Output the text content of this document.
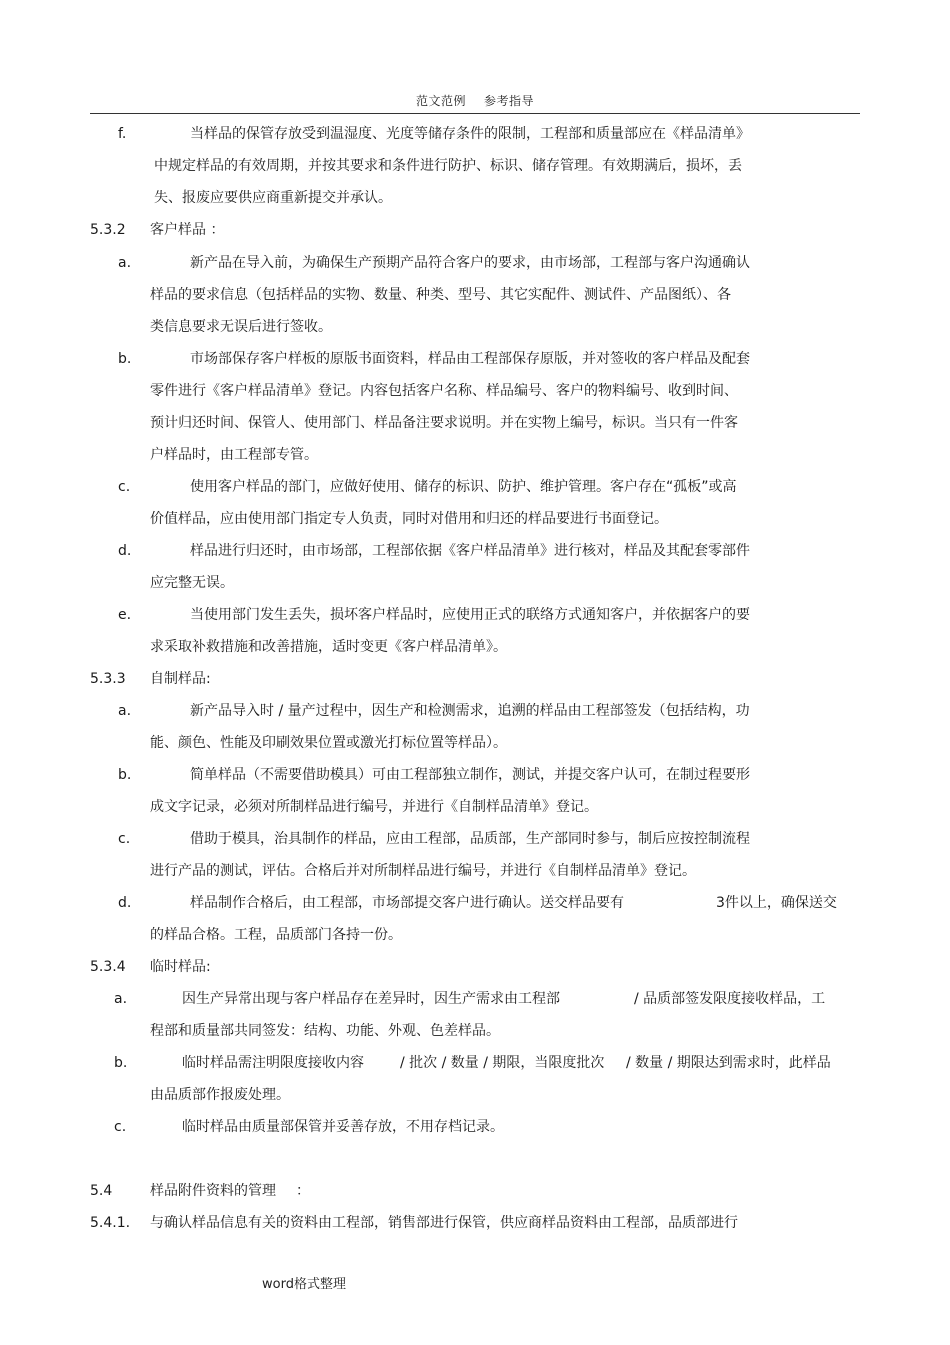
范文范例 参考指导
f.	当样品的保管存放受到温湿度、光度等储存条件的限制，工程部和质量部应在《样品清单》
中规定样品的有效周期，并按其要求和条件进行防护、标识、储存管理。有效期满后，损坏，丢
失、报废应要供应商重新提交并承认。
5.3.2 客户样品 ：
a.	新产品在导入前，为确保生产预期产品符合客户的要求，由市场部，工程部与客户沟通确认
样品的要求信息（包括样品的实物、数量、种类、型号、其它实配件、测试件、产品图纸）、各
类信息要求无误后进行签收。
b.	市场部保存客户样板的原版书面资料，样品由工程部保存原版，并对签收的客户样品及配套
零件进行《客户样品清单》登记。内容包括客户名称、样品编号、客户的物料编号、收到时间、
预计归还时间、保管人、使用部门、样品备注要求说明。并在实物上编号，标识。当只有一件客
户样品时，由工程部专管。
c.	使用客户样品的部门，应做好使用、储存的标识、防护、维护管理。客户存在“孤板”或高
价值样品，应由使用部门指定专人负责，同时对借用和归还的样品要进行书面登记。
d.	样品进行归还时，由市场部，工程部依据《客户样品清单》进行核对，样品及其配套零部件
应完整无误。
e.	当使用部门发生丢失，损坏客户样品时，应使用正式的联络方式通知客户，并依据客户的要
求采取补救措施和改善措施，适时变更《客户样品清单》。
5.3.3 自制样品:
a.	新产品导入时 / 量产过程中，因生产和检测需求，追溯的样品由工程部签发（包括结构，功
能、颜色、性能及印刷效果位置或激光打标位置等样品）。
b.	简单样品（不需要借助模具）可由工程部独立制作，测试，并提交客户认可，在制过程要形
成文字记录，必须对所制样品进行编号，并进行《自制样品清单》登记。
c.	借助于模具，治具制作的样品，应由工程部，品质部，生产部同时参与，制后应按控制流程
进行产品的测试，评估。合格后并对所制样品进行编号，并进行《自制样品清单》登记。
d.	样品制作合格后，由工程部，市场部提交客户进行确认。送交样品要有	3件以上，确保送交
的样品合格。工程，品质部门各持一份。
5.3.4 临时样品:
a.	因生产异常出现与客户样品存在差异时，因生产需求由工程部	/ 品质部签发限度接收样品，工
程部和质量部共同签发：结构、功能、外观、色差样品。
b.	临时样品需注明限度接收内容	/ 批次 / 数量 / 期限，当限度批次 / 数量 / 期限达到需求时，此样品
由品质部作报废处理。
c.	临时样品由质量部保管并妥善存放，不用存档记录。
5.4	样品附件资料的管理 ：
5.4.1. 与确认样品信息有关的资料由工程部，销售部进行保管，供应商样品资料由工程部，品质部进行
word格式整理
